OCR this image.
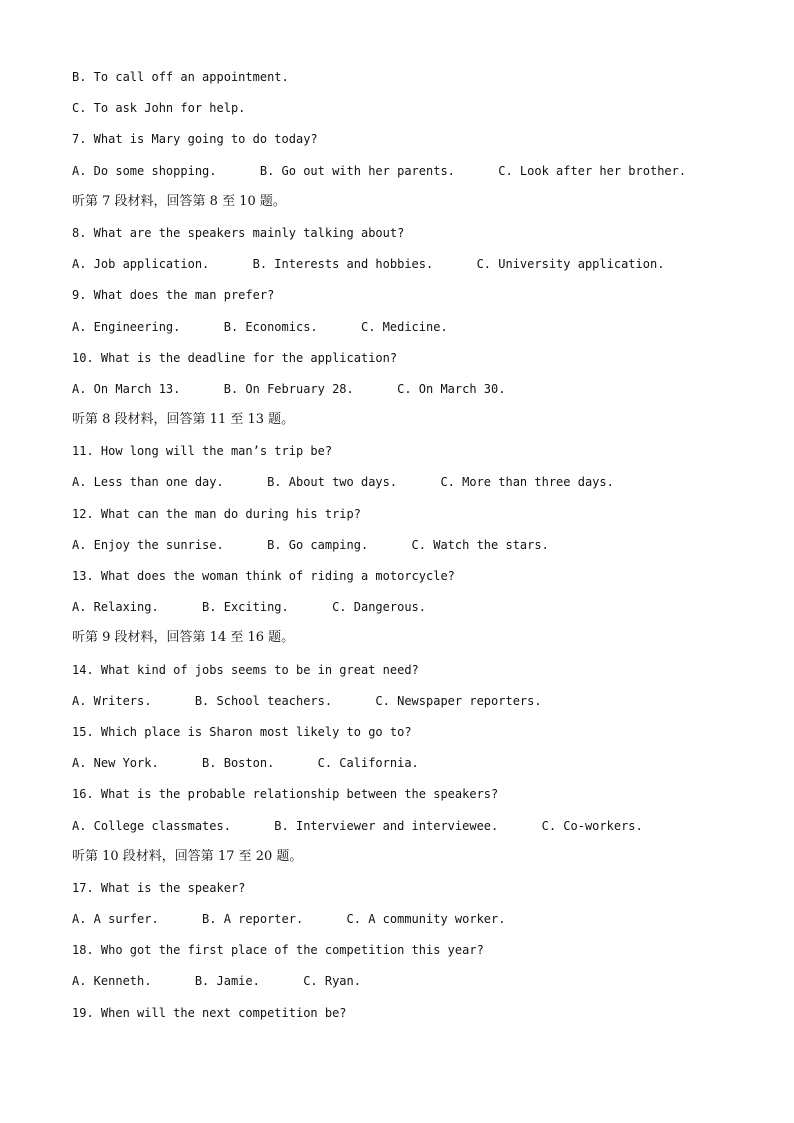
B. To call off an appointment.
C. To ask John for help.
7. What is Mary going to do today?
A. Do some shopping.      B. Go out with her parents.      C. Look after her brother.
听第 7 段材料，回答第 8 至 10 题。
8. What are the speakers mainly talking about?
A. Job application.      B. Interests and hobbies.      C. University application.
9. What does the man prefer?
A. Engineering.      B. Economics.      C. Medicine.
10. What is the deadline for the application?
A. On March 13.      B. On February 28.      C. On March 30.
听第 8 段材料，回答第 11 至 13 题。
11. How long will the man’s trip be?
A. Less than one day.      B. About two days.      C. More than three days.
12. What can the man do during his trip?
A. Enjoy the sunrise.      B. Go camping.      C. Watch the stars.
13. What does the woman think of riding a motorcycle?
A. Relaxing.      B. Exciting.      C. Dangerous.
听第 9 段材料，回答第 14 至 16 题。
14. What kind of jobs seems to be in great need?
A. Writers.      B. School teachers.      C. Newspaper reporters.
15. Which place is Sharon most likely to go to?
A. New York.      B. Boston.      C. California.
16. What is the probable relationship between the speakers?
A. College classmates.      B. Interviewer and interviewee.      C. Co-workers.
听第 10 段材料，回答第 17 至 20 题。
17. What is the speaker?
A. A surfer.      B. A reporter.      C. A community worker.
18. Who got the first place of the competition this year?
A. Kenneth.      B. Jamie.      C. Ryan.
19. When will the next competition be?
